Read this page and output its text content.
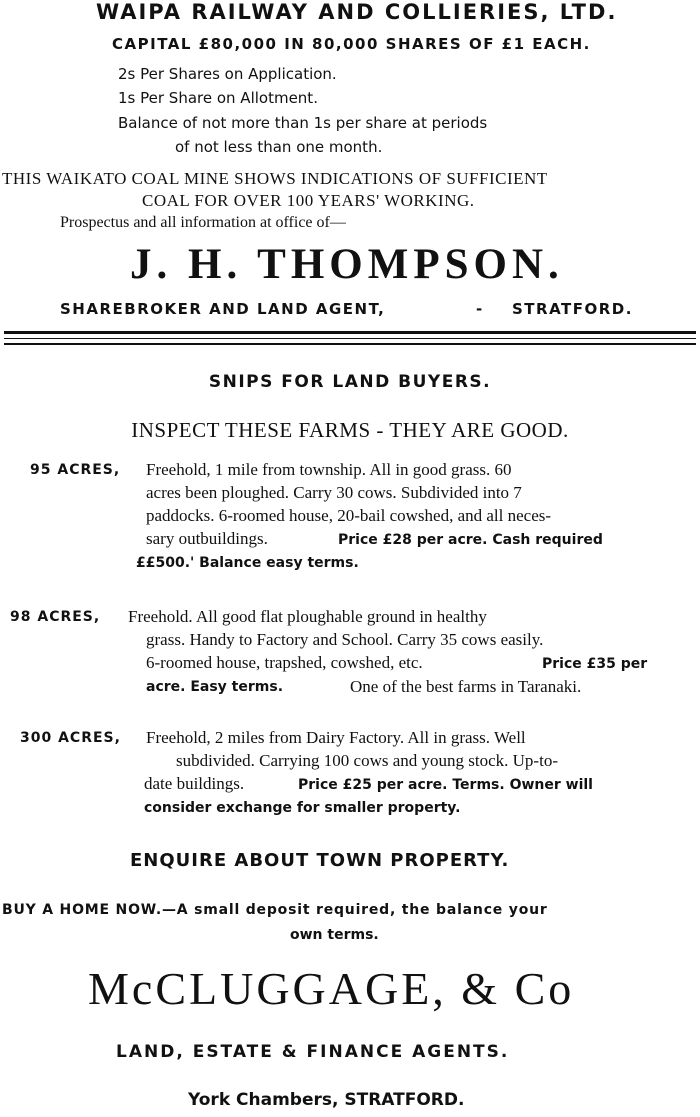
WAIPA RAILWAY AND COLLIERIES, LTD.
CAPITAL £80,000 IN 80,000 SHARES OF £1 EACH.
2s Per Shares on Application.
1s Per Share on Allotment.
Balance of not more than 1s per share at periods
of not less than one month.
THIS WAIKATO COAL MINE SHOWS INDICATIONS OF SUFFICIENT
COAL FOR OVER 100 YEARS' WORKING.
Prospectus and all information at office of—
J. H. THOMPSON.
SHAREBROKER AND LAND AGENT,	- STRATFORD.
SNIPS FOR LAND BUYERS.
INSPECT THESE FARMS - THEY ARE GOOD.
95 ACRES, Freehold, 1 mile from township. All in good grass. 60
acres been ploughed. Carry 30 cows. Subdivided into 7
paddocks. 6-roomed house, 20-bail cowshed, and all neces-
sary outbuildings.	Price £28 per acre. Cash required
££500.' Balance easy terms.
98 ACRES, Freehold. All good flat ploughable ground in healthy
grass. Handy to Factory and School. Carry 35 cows easily.
6-roomed house, trapshed, cowshed, etc.	Price £35 per
acre. Easy terms.	One of the best farms in Taranaki.
300 ACRES, Freehold, 2 miles from Dairy Factory. All in grass. Well
subdivided. Carrying 100 cows and young stock. Up-to-
date buildings.	Price £25 per acre. Terms. Owner will
consider exchange for smaller property.
ENQUIRE ABOUT TOWN PROPERTY.
BUY A HOME NOW.—A small deposit required, the balance your
own terms.
McCLUGGAGE, & Co
LAND, ESTATE & FINANCE AGENTS.
York Chambers, STRATFORD.
